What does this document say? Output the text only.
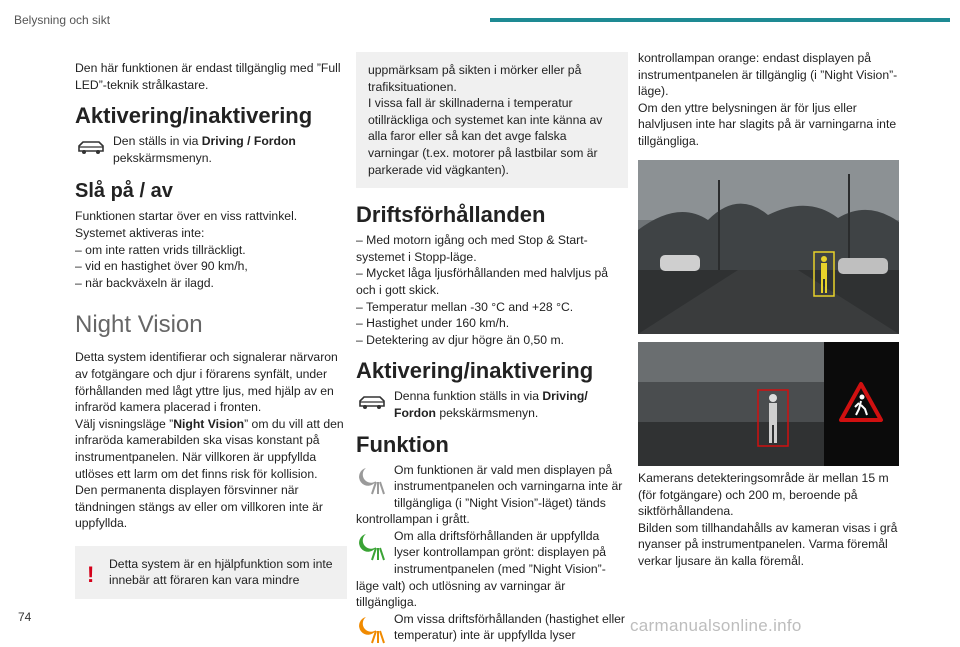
Belysning och sikt

Den här funktionen är endast tillgänglig med ”Full LED”-teknik strålkastare.

Aktivering/inaktivering

Den ställs in via Driving / Fordon pekskärmsmenyn.

Slå på / av

Funktionen startar över en viss rattvinkel.

Systemet aktiveras inte:

– om inte ratten vrids tillräckligt.

– vid en hastighet över 90 km/h,

– när backväxeln är ilagd.

Night Vision

Detta system identifierar och signalerar närvaron av fotgängare och djur i förarens synfält, under förhållanden med lågt yttre ljus, med hjälp av en infraröd kamera placerad i fronten.

Välj visningsläge ”Night Vision” om du vill att den infraröda kamerabilden ska visas konstant på instrumentpanelen. När villkoren är uppfyllda utlöses ett larm om det finns risk för kollision.

Den permanenta displayen försvinner när tändningen stängs av eller om villkoren inte är uppfyllda.

!	Detta system är en hjälpfunktion som inte innebär att föraren kan vara mindre

uppmärksam på sikten i mörker eller på trafiksituationen.

I vissa fall är skillnaderna i temperatur otillräckliga och systemet kan inte känna av alla faror eller så kan det avge falska varningar (t.ex. motorer på lastbilar som är parkerade vid vägkanten).

Driftsförhållanden

– Med motorn igång och med Stop & Start-systemet i Stopp-läge.

– Mycket låga ljusförhållanden med halvljus på och i gott skick.

– Temperatur mellan -30 °C and +28 °C.

– Hastighet under 160 km/h.

– Detektering av djur högre än 0,50 m.

Aktivering/inaktivering

Denna funktion ställs in via Driving/ Fordon pekskärmsmenyn.

Funktion

Om funktionen är vald men displayen på instrumentpanelen och varningarna inte är tillgängliga (i ”Night Vision”-läget) tänds kontrollampan i grått.

Om alla driftsförhållanden är uppfyllda lyser kontrollampan grönt: displayen på instrumentpanelen (med ”Night Vision”-läge valt) och utlösning av varningar är tillgängliga.

Om vissa driftsförhållanden (hastighet eller temperatur) inte är uppfyllda lyser

kontrollampan orange: endast displayen på instrumentpanelen är tillgänglig (i ”Night Vision”-läge).

Om den yttre belysningen är för ljus eller halvljusen inte har slagits på är varningarna inte tillgängliga.

Kamerans detekteringsområde är mellan 15 m (för fotgängare) och 200 m, beroende på siktförhållandena.

Bilden som tillhandahålls av kameran visas i grå nyanser på instrumentpanelen. Varma föremål verkar ljusare än kalla föremål.

74	carmanualsonline.info
